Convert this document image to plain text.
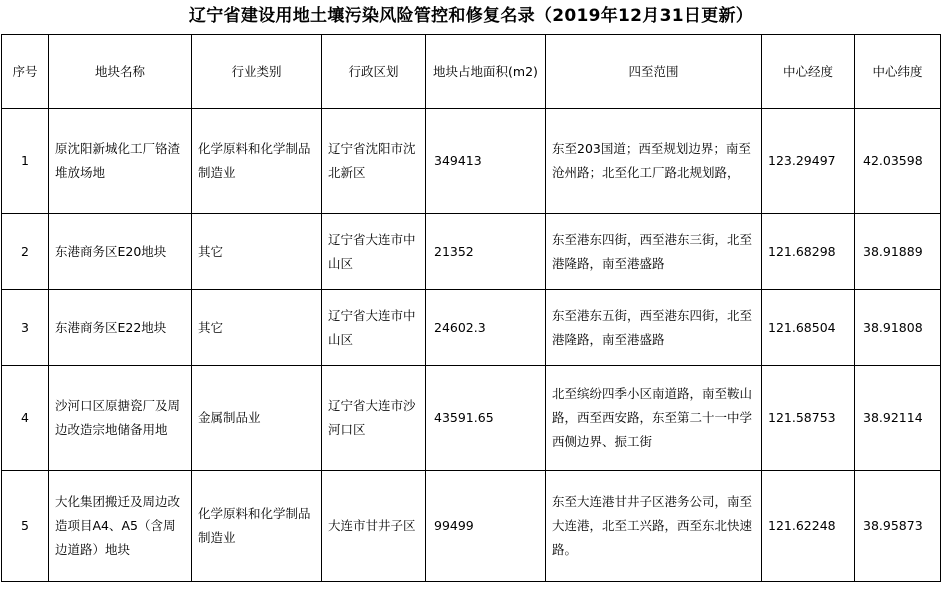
辽宁省建设用地土壤污染风险管控和修复名录（2019年12月31日更新）
序号	地块名称	行业类别	行政区划	地块占地面积(m2)	四至范围	中心经度	中心纬度
1	原沈阳新城化工厂铬渣堆放场地	化学原料和化学制品制造业	辽宁省沈阳市沈北新区	349413	东至203国道；西至规划边界；南至沧州路；北至化工厂路北规划路，	123.29497	42.03598
2	东港商务区E20地块	其它	辽宁省大连市中山区	21352	东至港东四街，西至港东三街，北至港隆路，南至港盛路	121.68298	38.91889
3	东港商务区E22地块	其它	辽宁省大连市中山区	24602.3	东至港东五街，西至港东四街，北至港隆路，南至港盛路	121.68504	38.91808
4	沙河口区原搪瓷厂及周边改造宗地储备用地	金属制品业	辽宁省大连市沙河口区	43591.65	北至缤纷四季小区南道路，南至鞍山路，西至西安路，东至第二十一中学西侧边界、振工街	121.58753	38.92114
5	大化集团搬迁及周边改造项目A4、A5（含周边道路）地块	化学原料和化学制品制造业	大连市甘井子区	99499	东至大连港甘井子区港务公司，南至大连港，北至工兴路，西至东北快速路。	121.62248	38.95873
